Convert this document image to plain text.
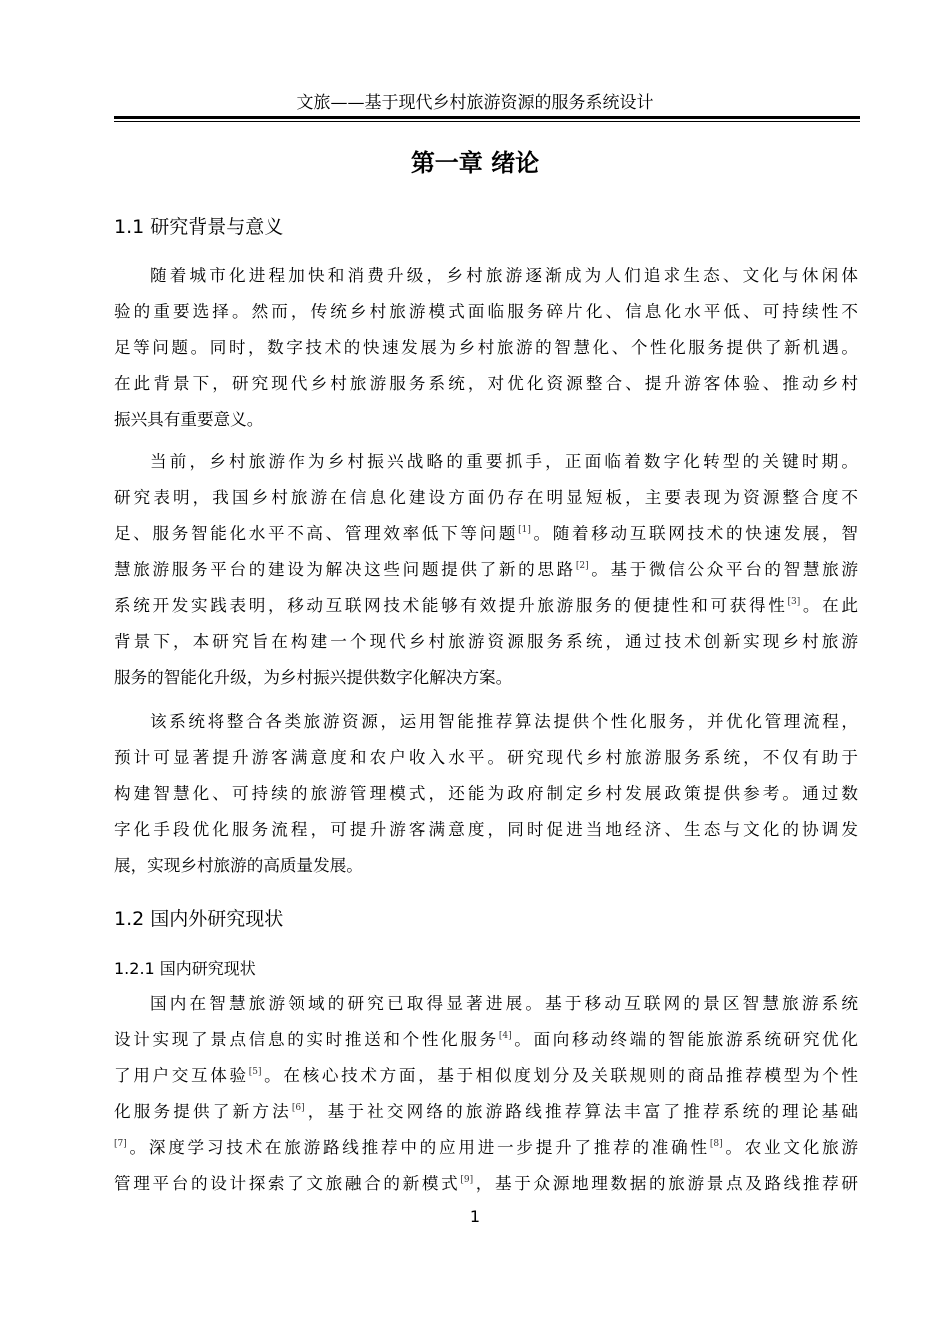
文旅——基于现代乡村旅游资源的服务系统设计
第一章 绪论
1.1 研究背景与意义
随着城市化进程加快和消费升级，乡村旅游逐渐成为人们追求生态、文化与休闲体
验的重要选择。然而，传统乡村旅游模式面临服务碎片化、信息化水平低、可持续性不
足等问题。同时，数字技术的快速发展为乡村旅游的智慧化、个性化服务提供了新机遇。
在此背景下，研究现代乡村旅游服务系统，对优化资源整合、提升游客体验、推动乡村
振兴具有重要意义。
当前，乡村旅游作为乡村振兴战略的重要抓手，正面临着数字化转型的关键时期。
研究表明，我国乡村旅游在信息化建设方面仍存在明显短板，主要表现为资源整合度不
足、服务智能化水平不高、管理效率低下等问题[1]。随着移动互联网技术的快速发展，智
慧旅游服务平台的建设为解决这些问题提供了新的思路[2]。基于微信公众平台的智慧旅游
系统开发实践表明，移动互联网技术能够有效提升旅游服务的便捷性和可获得性[3]。在此
背景下，本研究旨在构建一个现代乡村旅游资源服务系统，通过技术创新实现乡村旅游
服务的智能化升级，为乡村振兴提供数字化解决方案。
该系统将整合各类旅游资源，运用智能推荐算法提供个性化服务，并优化管理流程，
预计可显著提升游客满意度和农户收入水平。研究现代乡村旅游服务系统，不仅有助于
构建智慧化、可持续的旅游管理模式，还能为政府制定乡村发展政策提供参考。通过数
字化手段优化服务流程，可提升游客满意度，同时促进当地经济、生态与文化的协调发
展，实现乡村旅游的高质量发展。
1.2 国内外研究现状
1.2.1 国内研究现状
国内在智慧旅游领域的研究已取得显著进展。基于移动互联网的景区智慧旅游系统
设计实现了景点信息的实时推送和个性化服务[4]。面向移动终端的智能旅游系统研究优化
了用户交互体验[5]。在核心技术方面，基于相似度划分及关联规则的商品推荐模型为个性
化服务提供了新方法[6]，基于社交网络的旅游路线推荐算法丰富了推荐系统的理论基础
[7]。深度学习技术在旅游路线推荐中的应用进一步提升了推荐的准确性[8]。农业文化旅游
管理平台的设计探索了文旅融合的新模式[9]，基于众源地理数据的旅游景点及路线推荐研
1
